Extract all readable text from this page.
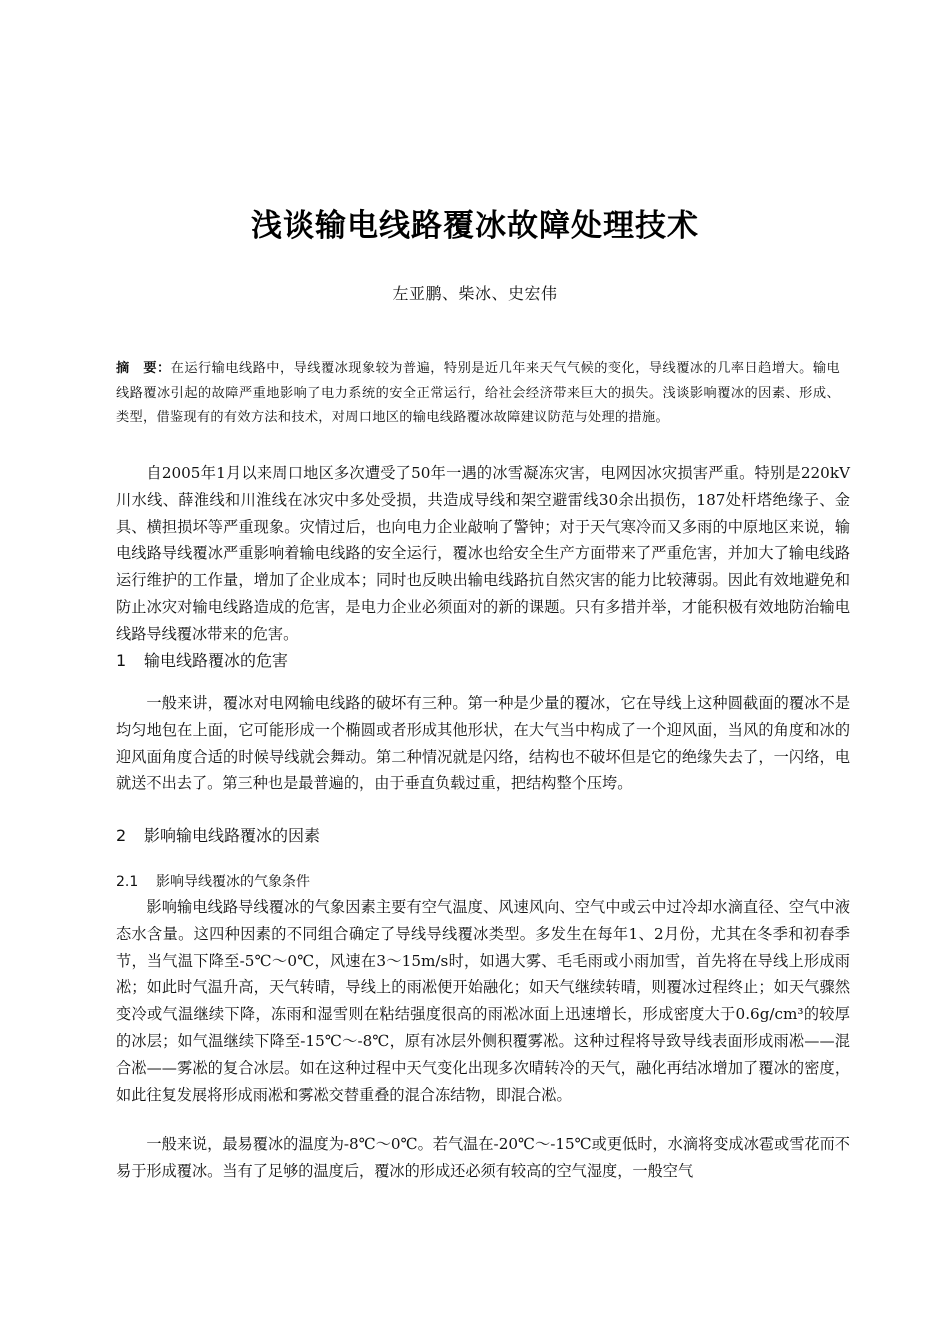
浅谈输电线路覆冰故障处理技术
左亚鹏、柴冰、史宏伟
摘　要：在运行输电线路中，导线覆冰现象较为普遍，特别是近几年来天气气候的变化，导线覆冰的几率日趋增大。输电线路覆冰引起的故障严重地影响了电力系统的安全正常运行，给社会经济带来巨大的损失。浅谈影响覆冰的因素、形成、类型，借鉴现有的有效方法和技术，对周口地区的输电线路覆冰故障建议防范与处理的措施。
自2005年1月以来周口地区多次遭受了50年一遇的冰雪凝冻灾害，电网因冰灾损害严重。特别是220kV川水线、薛淮线和川淮线在冰灾中多处受损，共造成导线和架空避雷线30余出损伤，187处杆塔绝缘子、金具、横担损坏等严重现象。灾情过后，也向电力企业敲响了警钟；对于天气寒冷而又多雨的中原地区来说，输电线路导线覆冰严重影响着输电线路的安全运行，覆冰也给安全生产方面带来了严重危害，并加大了输电线路运行维护的工作量，增加了企业成本；同时也反映出输电线路抗自然灾害的能力比较薄弱。因此有效地避免和防止冰灾对输电线路造成的危害，是电力企业必须面对的新的课题。只有多措并举，才能积极有效地防治输电线路导线覆冰带来的危害。
1 输电线路覆冰的危害
一般来讲，覆冰对电网输电线路的破坏有三种。第一种是少量的覆冰，它在导线上这种圆截面的覆冰不是均匀地包在上面，它可能形成一个椭圆或者形成其他形状，在大气当中构成了一个迎风面，当风的角度和冰的迎风面角度合适的时候导线就会舞动。第二种情况就是闪络，结构也不破坏但是它的绝缘失去了，一闪络，电就送不出去了。第三种也是最普遍的，由于垂直负载过重，把结构整个压垮。
2 影响输电线路覆冰的因素
2.1 影响导线覆冰的气象条件
影响输电线路导线覆冰的气象因素主要有空气温度、风速风向、空气中或云中过冷却水滴直径、空气中液态水含量。这四种因素的不同组合确定了导线导线覆冰类型。多发生在每年1、2月份，尤其在冬季和初春季节，当气温下降至-5℃～0℃，风速在3～15m/s时，如遇大雾、毛毛雨或小雨加雪，首先将在导线上形成雨凇；如此时气温升高，天气转晴，导线上的雨凇便开始融化；如天气继续转晴，则覆冰过程终止；如天气骤然变冷或气温继续下降，冻雨和湿雪则在粘结强度很高的雨凇冰面上迅速增长，形成密度大于0.6g/cm³的较厚的冰层；如气温继续下降至-15℃～-8℃，原有冰层外侧积覆雾凇。这种过程将导致导线表面形成雨凇——混合凇——雾凇的复合冰层。如在这种过程中天气变化出现多次晴转冷的天气，融化再结冰增加了覆冰的密度，如此往复发展将形成雨凇和雾凇交替重叠的混合冻结物，即混合凇。
一般来说，最易覆冰的温度为-8℃～0℃。若气温在-20℃～-15℃或更低时，水滴将变成冰雹或雪花而不易于形成覆冰。当有了足够的温度后，覆冰的形成还必须有较高的空气湿度，一般空气
